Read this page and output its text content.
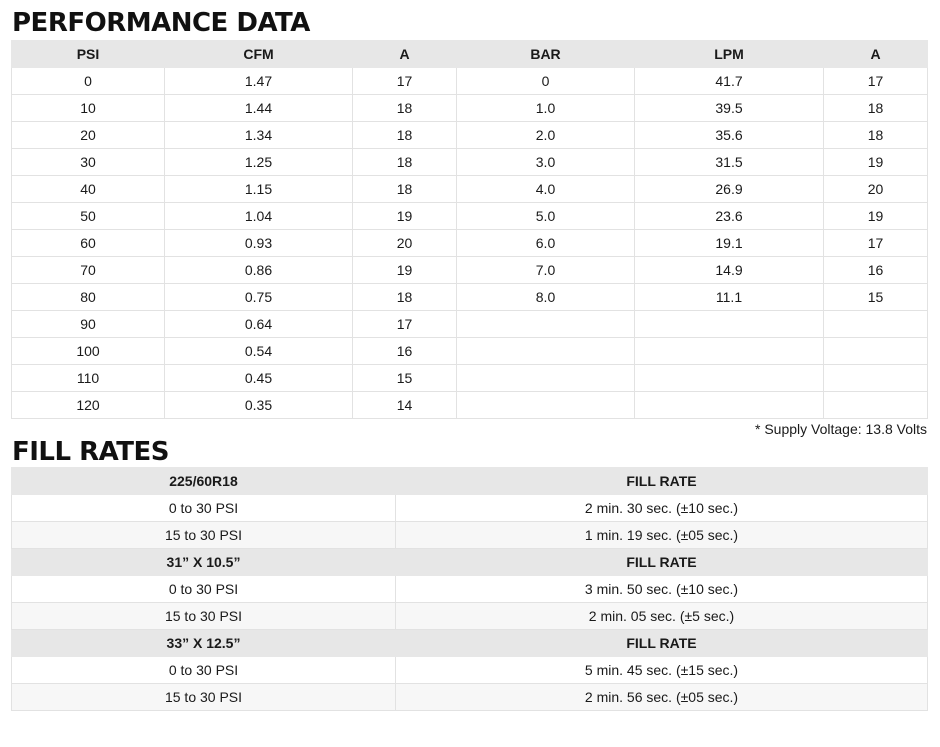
PERFORMANCE DATA
PSI	CFM	A	BAR	LPM	A
0	1.47	17	0	41.7	17
10	1.44	18	1.0	39.5	18
20	1.34	18	2.0	35.6	18
30	1.25	18	3.0	31.5	19
40	1.15	18	4.0	26.9	20
50	1.04	19	5.0	23.6	19
60	0.93	20	6.0	19.1	17
70	0.86	19	7.0	14.9	16
80	0.75	18	8.0	11.1	15
90	0.64	17			
100	0.54	16			
110	0.45	15			
120	0.35	14			
* Supply Voltage: 13.8 Volts
FILL RATES
225/60R18	FILL RATE
0 to 30 PSI	2 min. 30 sec. (±10 sec.)
15 to 30 PSI	1 min. 19 sec. (±05 sec.)
31” X 10.5”	FILL RATE
0 to 30 PSI	3 min. 50 sec. (±10 sec.)
15 to 30 PSI	2 min. 05 sec. (±5 sec.)
33” X 12.5”	FILL RATE
0 to 30 PSI	5 min. 45 sec. (±15 sec.)
15 to 30 PSI	2 min. 56 sec. (±05 sec.)
